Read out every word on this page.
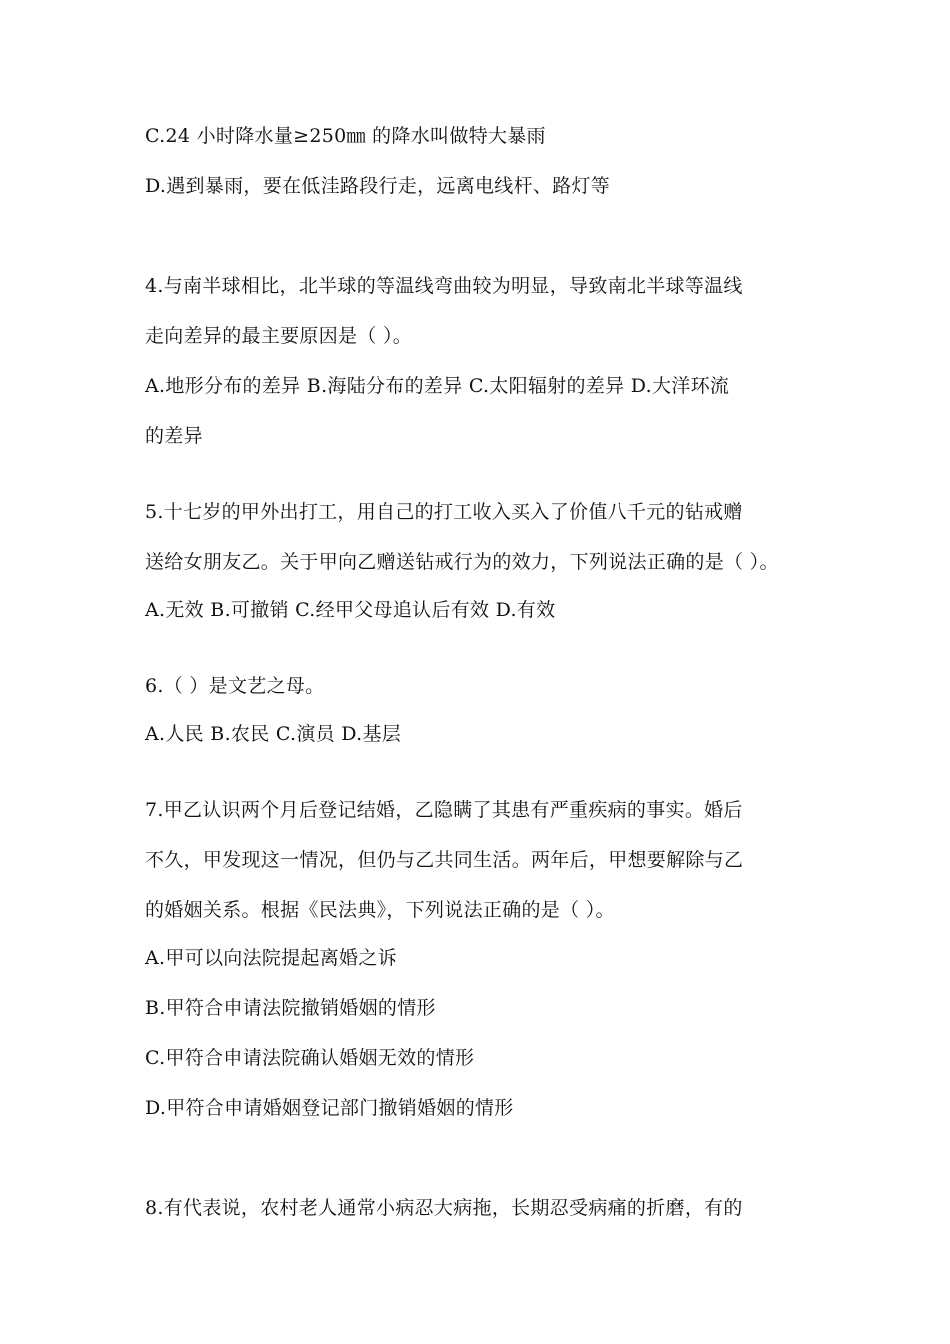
C.24 小时降水量≥250㎜ 的降水叫做特大暴雨
D.遇到暴雨，要在低洼路段行走，远离电线杆、路灯等
4.与南半球相比，北半球的等温线弯曲较为明显，导致南北半球等温线
走向差异的最主要原因是（ ）。
A.地形分布的差异 B.海陆分布的差异 C.太阳辐射的差异 D.大洋环流
的差异
5.十七岁的甲外出打工，用自己的打工收入买入了价值八千元的钻戒赠
送给女朋友乙。关于甲向乙赠送钻戒行为的效力，下列说法正确的是（ ）。
A.无效 B.可撤销 C.经甲父母追认后有效 D.有效
6.（ ）是文艺之母。
A.人民 B.农民 C.演员 D.基层
7.甲乙认识两个月后登记结婚，乙隐瞒了其患有严重疾病的事实。婚后
不久，甲发现这一情况，但仍与乙共同生活。两年后，甲想要解除与乙
的婚姻关系。根据《民法典》，下列说法正确的是（ ）。
A.甲可以向法院提起离婚之诉
B.甲符合申请法院撤销婚姻的情形
C.甲符合申请法院确认婚姻无效的情形
D.甲符合申请婚姻登记部门撤销婚姻的情形
8.有代表说，农村老人通常小病忍大病拖，长期忍受病痛的折磨，有的
